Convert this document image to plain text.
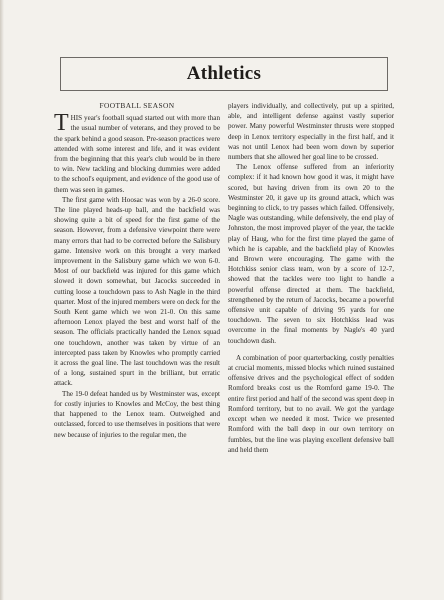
Athletics
FOOTBALL SEASON

THIS year's football squad started out with more than the usual number of veterans, and they proved to be the spark behind a good season. Pre-season practices were attended with some interest and life, and it was evident from the beginning that this year's club would be in there to win. New tackling and blocking dummies were added to the school's equipment, and evidence of the good use of them was seen in games.

The first game with Hoosac was won by a 26-0 score. The line played heads-up ball, and the backfield was showing quite a bit of speed for the first game of the season. However, from a defensive viewpoint there were many errors that had to be corrected before the Salisbury game. Intensive work on this brought a very marked improvement in the Salisbury game which we won 6-0. Most of our backfield was injured for this game which slowed it down somewhat, but Jacocks succeeded in cutting loose a touchdown pass to Ash Nagle in the third quarter. Most of the injured members were on deck for the South Kent game which we won 21-0. On this same afternoon Lenox played the best and worst half of the season. The officials practically handed the Lenox squad one touchdown, another was taken by virtue of an intercepted pass taken by Knowles who promptly carried it across the goal line. The last touchdown was the result of a long, sustained spurt in the brilliant, but erratic attack.

The 19-0 defeat handed us by Westminster was, except for costly injuries to Knowles and McCoy, the best thing that happened to the Lenox team. Outweighed and outclassed, forced to use themselves in positions that were new because of injuries to the regular men, the

players individually, and collectively, put up a spirited, able, and intelligent defense against vastly superior power. Many powerful Westminster thrusts were stopped deep in Lenox territory especially in the first half, and it was not until Lenox had been worn down by superior numbers that she allowed her goal line to be crossed.

The Lenox offense suffered from an inferiority complex: if it had known how good it was, it might have scored, but having driven from its own 20 to the Westminster 20, it gave up its ground attack, which was beginning to click, to try passes which failed. Offensively, Nagle was outstanding, while defensively, the end play of Johnston, the most improved player of the year, the tackle play of Haug, who for the first time played the game of which he is capable, and the backfield play of Knowles and Brown were encouraging. The game with the Hotchkiss senior class team, won by a score of 12-7, showed that the tackles were too light to handle a powerful offense directed at them. The backfield, strengthened by the return of Jacocks, became a powerful offensive unit capable of driving 95 yards for one touchdown. The seven to six Hotchkiss lead was overcome in the final moments by Nagle's 40 yard touchdown dash.

A combination of poor quarterbacking, costly penalties at crucial moments, missed blocks which ruined sustained offensive drives and the psychological effect of sodden Romford breaks cost us the Romford game 19-0. The entire first period and half of the second was spent deep in Romford territory, but to no avail. We got the yardage except when we needed it most. Twice we presented Romford with the ball deep in our own territory on fumbles, but the line was playing excellent defensive ball and held them
